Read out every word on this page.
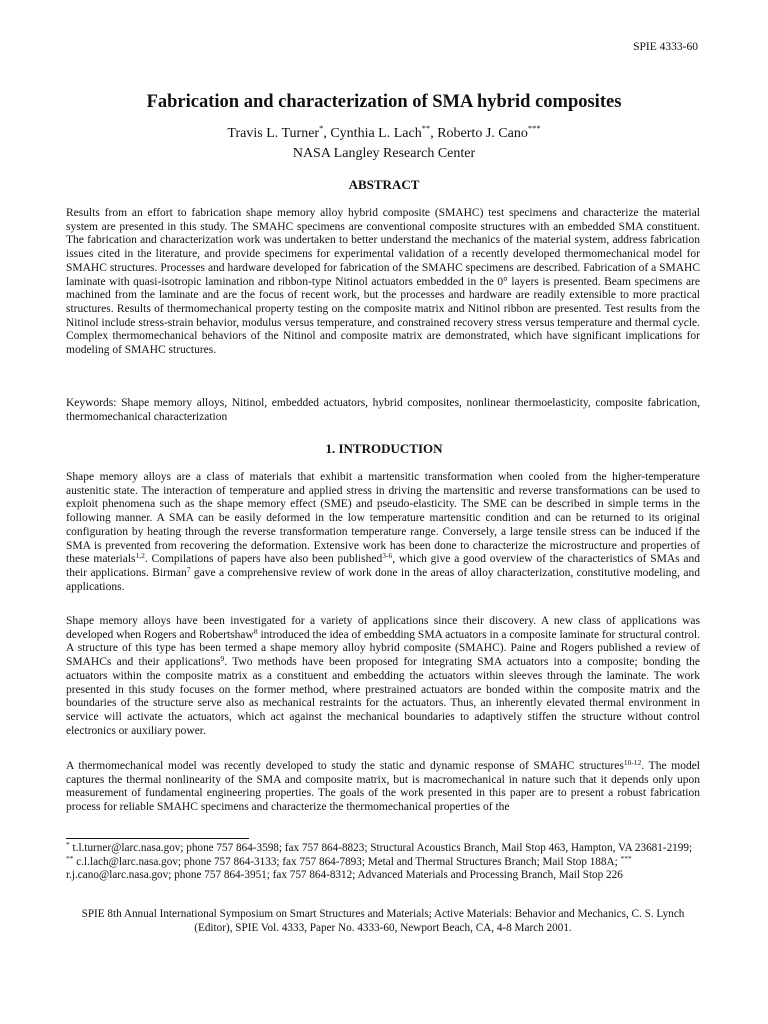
SPIE 4333-60
Fabrication and characterization of SMA hybrid composites
Travis L. Turner*, Cynthia L. Lach**, Roberto J. Cano***
NASA Langley Research Center
ABSTRACT

Results from an effort to fabrication shape memory alloy hybrid composite (SMAHC) test specimens and characterize the material system are presented in this study. The SMAHC specimens are conventional composite structures with an embedded SMA constituent. The fabrication and characterization work was undertaken to better understand the mechanics of the material system, address fabrication issues cited in the literature, and provide specimens for experimental validation of a recently developed thermomechanical model for SMAHC structures. Processes and hardware developed for fabrication of the SMAHC specimens are described. Fabrication of a SMAHC laminate with quasi-isotropic lamination and ribbon-type Nitinol actuators embedded in the 0° layers is presented. Beam specimens are machined from the laminate and are the focus of recent work, but the processes and hardware are readily extensible to more practical structures. Results of thermomechanical property testing on the composite matrix and Nitinol ribbon are presented. Test results from the Nitinol include stress-strain behavior, modulus versus temperature, and constrained recovery stress versus temperature and thermal cycle. Complex thermomechanical behaviors of the Nitinol and composite matrix are demonstrated, which have significant implications for modeling of SMAHC structures.

Keywords: Shape memory alloys, Nitinol, embedded actuators, hybrid composites, nonlinear thermoelasticity, composite fabrication, thermomechanical characterization

1. INTRODUCTION

Shape memory alloys are a class of materials that exhibit a martensitic transformation when cooled from the higher-temperature austenitic state. The interaction of temperature and applied stress in driving the martensitic and reverse transformations can be used to exploit phenomena such as the shape memory effect (SME) and pseudo-elasticity. The SME can be described in simple terms in the following manner. A SMA can be easily deformed in the low temperature martensitic condition and can be returned to its original configuration by heating through the reverse transformation temperature range. Conversely, a large tensile stress can be induced if the SMA is prevented from recovering the deformation. Extensive work has been done to characterize the microstructure and properties of these materials$^{1,2}$. Compilations of papers have also been published$^{3-6}$, which give a good overview of the characteristics of SMAs and their applications. Birman$^7$ gave a comprehensive review of work done in the areas of alloy characterization, constitutive modeling, and applications.

Shape memory alloys have been investigated for a variety of applications since their discovery. A new class of applications was developed when Rogers and Robertshaw$^8$ introduced the idea of embedding SMA actuators in a composite laminate for structural control. A structure of this type has been termed a shape memory alloy hybrid composite (SMAHC). Paine and Rogers published a review of SMAHCs and their applications$^9$. Two methods have been proposed for integrating SMA actuators into a composite; bonding the actuators within the composite matrix as a constituent and embedding the actuators within sleeves through the laminate. The work presented in this study focuses on the former method, where prestrained actuators are bonded within the composite matrix and the boundaries of the structure serve also as mechanical restraints for the actuators. Thus, an inherently elevated thermal environment in service will activate the actuators, which act against the mechanical boundaries to adaptively stiffen the structure without control electronics or auxiliary power.

A thermomechanical model was recently developed to study the static and dynamic response of SMAHC structures$^{10-12}$. The model captures the thermal nonlinearity of the SMA and composite matrix, but is macromechanical in nature such that it depends only upon measurement of fundamental engineering properties. The goals of the work presented in this paper are to present a robust fabrication process for reliable SMAHC specimens and characterize the thermomechanical properties of the

* t.l.turner@larc.nasa.gov; phone 757 864-3598; fax 757 864-8823; Structural Acoustics Branch, Mail Stop 463, Hampton, VA 23681-2199; ** c.l.lach@larc.nasa.gov; phone 757 864-3133; fax 757 864-7893; Metal and Thermal Structures Branch; Mail Stop 188A; *** r.j.cano@larc.nasa.gov; phone 757 864-3951; fax 757 864-8312; Advanced Materials and Processing Branch, Mail Stop 226

SPIE 8th Annual International Symposium on Smart Structures and Materials; Active Materials: Behavior and Mechanics, C. S. Lynch (Editor), SPIE Vol. 4333, Paper No. 4333-60, Newport Beach, CA, 4-8 March 2001.
